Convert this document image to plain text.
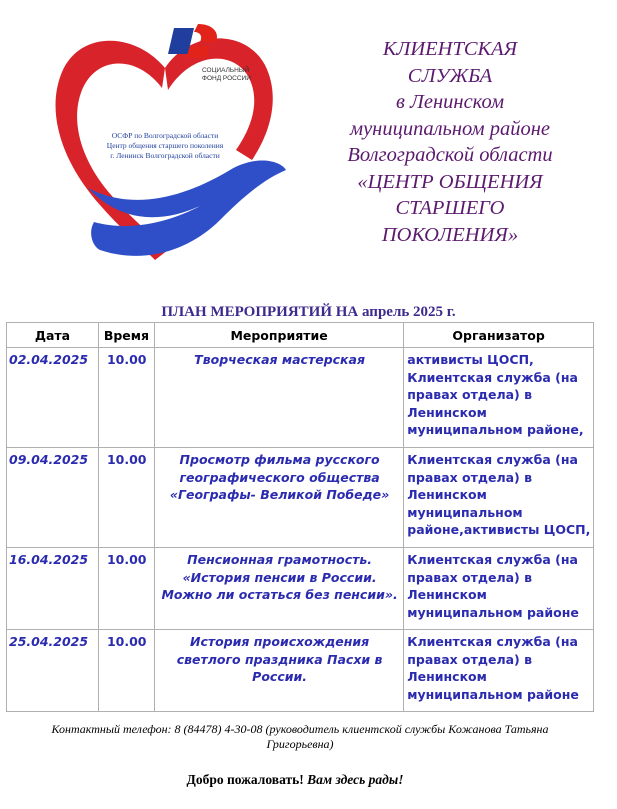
СОЦИАЛЬНЫЙ
ФОНД РОССИИ
ОСФР по Волгоградской области
Центр общения старшего поколения
г. Ленинск Волгоградской области
КЛИЕНТСКАЯ
СЛУЖБА
в Ленинском
муниципальном районе
Волгоградской области
«ЦЕНТР ОБЩЕНИЯ
СТАРШЕГО
ПОКОЛЕНИЯ»
ПЛАН МЕРОПРИЯТИЙ НА апрель 2025 г.
Дата	Время	Мероприятие	Организатор
02.04.2025	10.00	Творческая мастерская	активисты ЦОСП, Клиентская служба (на правах отдела) в Ленинском муниципальном районе,
09.04.2025	10.00	Просмотр фильма русского географического общества «Географы- Великой Победе»	Клиентская служба (на правах отдела) в Ленинском муниципальном районе,активисты ЦОСП,
16.04.2025	10.00	Пенсионная грамотность. «История пенсии в России. Можно ли остаться без пенсии».	Клиентская служба (на правах отдела) в Ленинском муниципальном районе
25.04.2025	10.00	История происхождения светлого праздника Пасхи в России.	Клиентская служба (на правах отдела) в Ленинском муниципальном районе
Контактный телефон: 8 (84478) 4-30-08 (руководитель клиентской службы Кожанова Татьяна Григорьевна)
Добро пожаловать! Вам здесь рады!
